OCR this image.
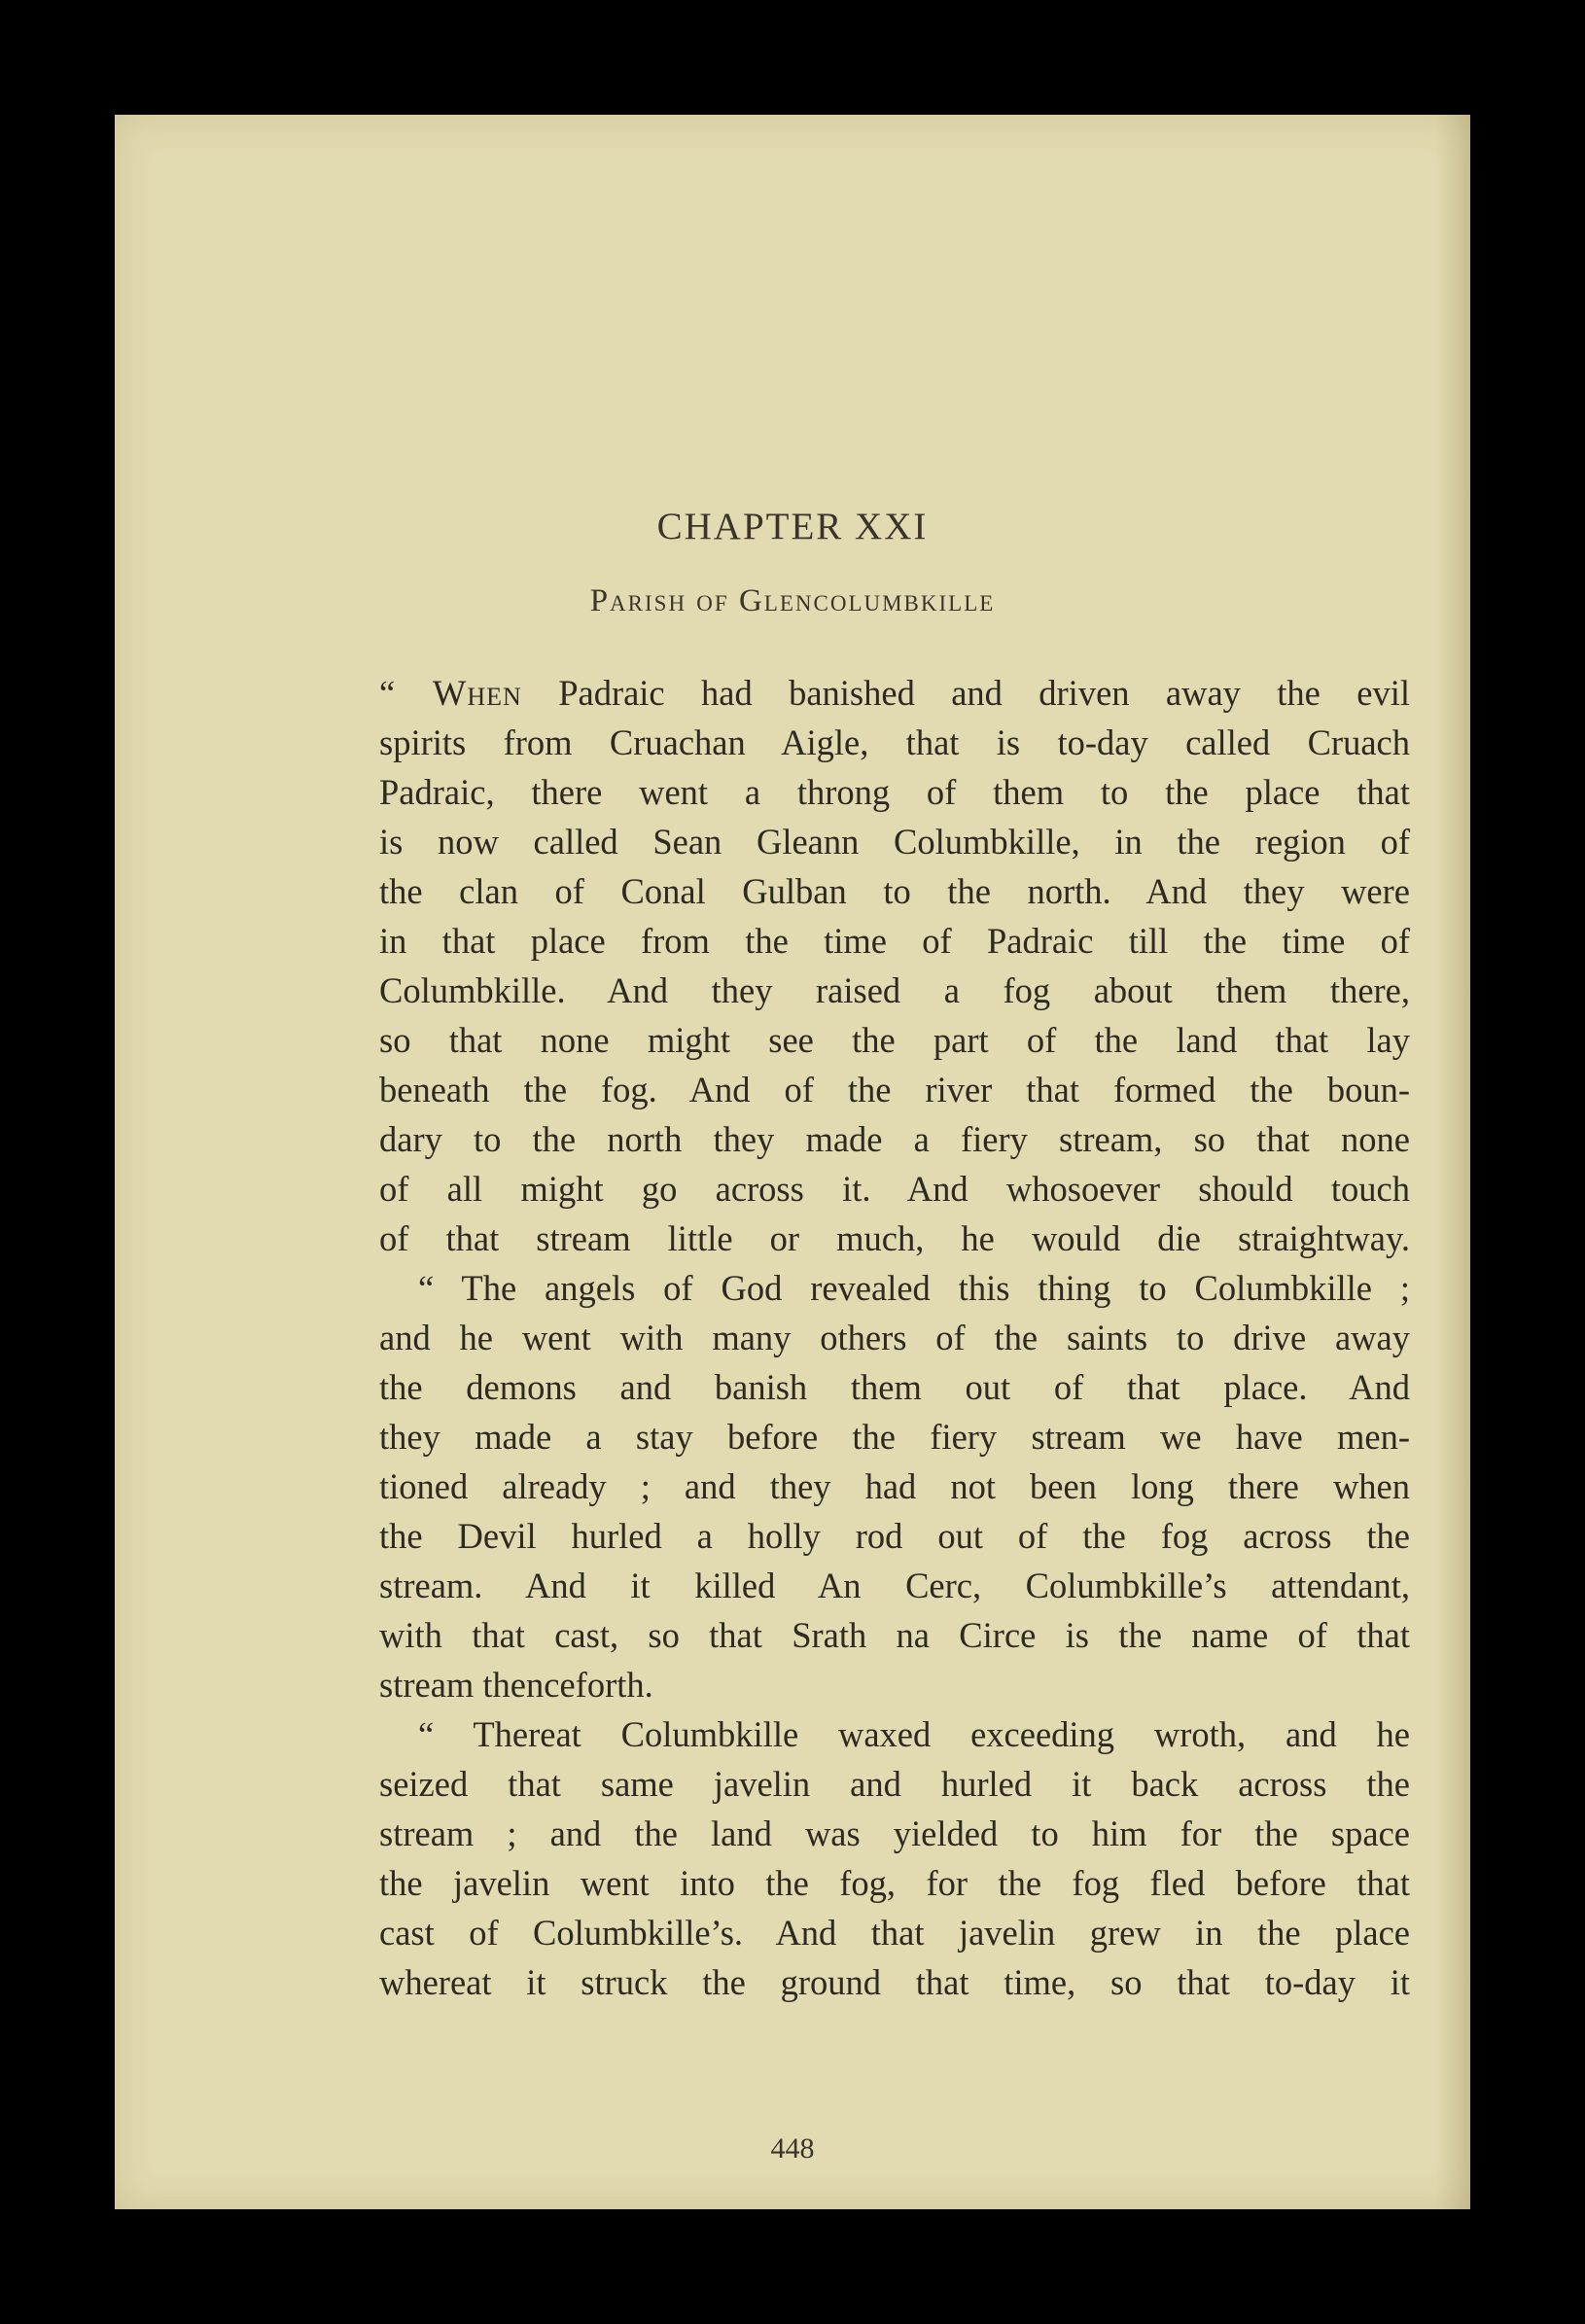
CHAPTER XXI
Parish of Glencolumbkille
448
“ When Padraic had banished and driven away the evil
spirits from Cruachan Aigle, that is to-day called Cruach
Padraic, there went a throng of them to the place that
is now called Sean Gleann Columbkille, in the region of
the clan of Conal Gulban to the north. And they were
in that place from the time of Padraic till the time of
Columbkille. And they raised a fog about them there,
so that none might see the part of the land that lay
beneath the fog. And of the river that formed the boun-
dary to the north they made a fiery stream, so that none
of all might go across it. And whosoever should touch
of that stream little or much, he would die straightway.
“ The angels of God revealed this thing to Columbkille ;
and he went with many others of the saints to drive away
the demons and banish them out of that place. And
they made a stay before the fiery stream we have men-
tioned already ; and they had not been long there when
the Devil hurled a holly rod out of the fog across the
stream. And it killed An Cerc, Columbkille’s attendant,
with that cast, so that Srath na Circe is the name of that
stream thenceforth.
“ Thereat Columbkille waxed exceeding wroth, and he
seized that same javelin and hurled it back across the
stream ; and the land was yielded to him for the space
the javelin went into the fog, for the fog fled before that
cast of Columbkille’s. And that javelin grew in the place
whereat it struck the ground that time, so that to-day it
